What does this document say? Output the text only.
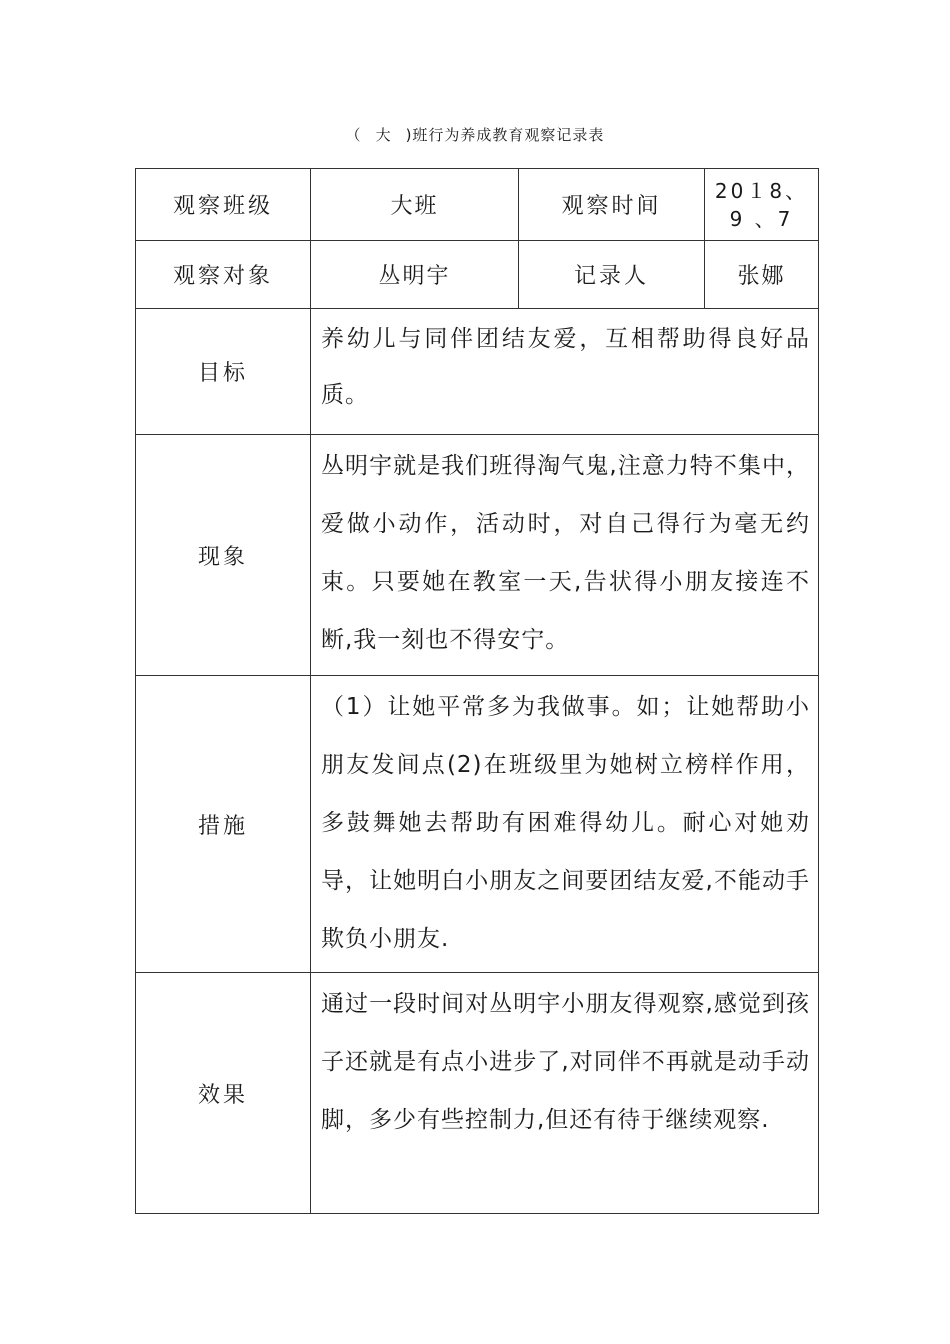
（ 大 )班行为养成教育观察记录表
观察班级	大班	观察时间	20１8、
9 、7

观察对象	丛明宇	记录人	张娜
目标	养幼儿与同伴团结友爱，互相帮助得良好品质。		
现象	丛明宇就是我们班得淘气鬼,注意力特不集中，爱做小动作，活动时，对自己得行为毫无约束。只要她在教室一天,告状得小朋友接连不断,我一刻也不得安宁。		
措施	（1）让她平常多为我做事。如；让她帮助小朋友发间点(2)在班级里为她树立榜样作用，多鼓舞她去帮助有困难得幼儿。耐心对她劝导，让她明白小朋友之间要团结友爱,不能动手欺负小朋友.		
效果	通过一段时间对丛明宇小朋友得观察,感觉到孩子还就是有点小进步了,对同伴不再就是动手动脚，多少有些控制力,但还有待于继续观察.		
